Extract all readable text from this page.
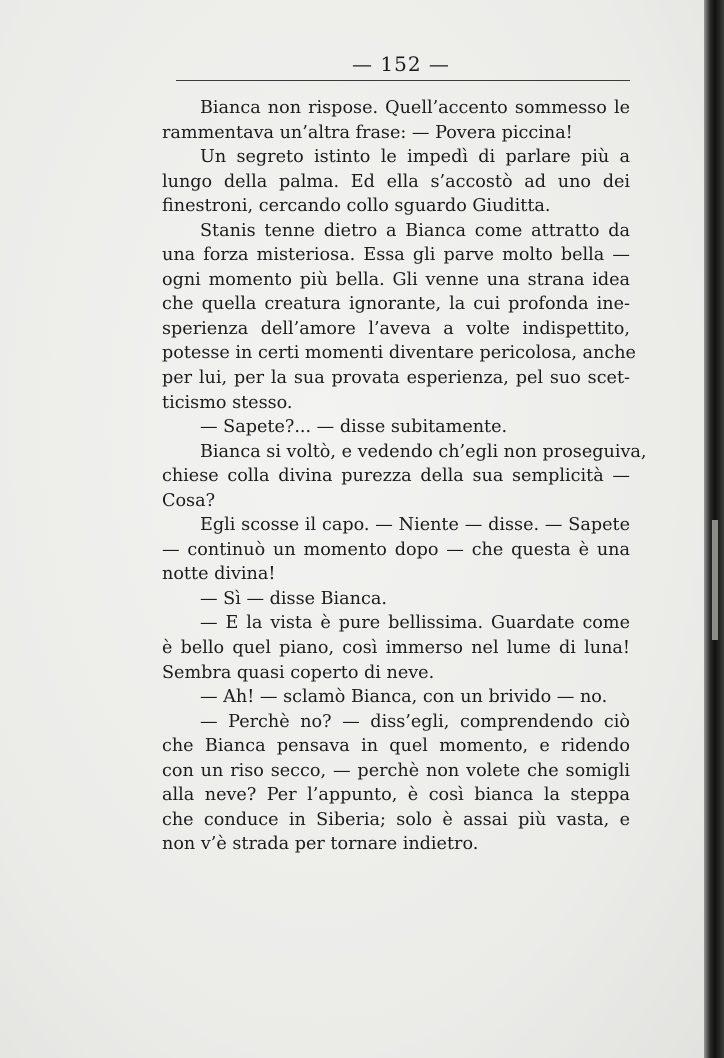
— 152 —
Bianca non rispose. Quell’accento sommesso le
rammentava un’altra frase: — Povera piccina!
Un segreto istinto le impedì di parlare più a
lungo della palma. Ed ella s’accostò ad uno dei
finestroni, cercando collo sguardo Giuditta.
Stanis tenne dietro a Bianca come attratto da
una forza misteriosa. Essa gli parve molto bella —
ogni momento più bella. Gli venne una strana idea
che quella creatura ignorante, la cui profonda ine-
sperienza dell’amore l’aveva a volte indispettito,
potesse in certi momenti diventare pericolosa, anche
per lui, per la sua provata esperienza, pel suo scet-
ticismo stesso.
— Sapete?... — disse subitamente.
Bianca si voltò, e vedendo ch’egli non proseguiva,
chiese colla divina purezza della sua semplicità —
Cosa?
Egli scosse il capo. — Niente — disse. — Sapete
— continuò un momento dopo — che questa è una
notte divina!
— Sì — disse Bianca.
— E la vista è pure bellissima. Guardate come
è bello quel piano, così immerso nel lume di luna!
Sembra quasi coperto di neve.
— Ah! — sclamò Bianca, con un brivido — no.
— Perchè no? — diss’egli, comprendendo ciò
che Bianca pensava in quel momento, e ridendo
con un riso secco, — perchè non volete che somigli
alla neve? Per l’appunto, è così bianca la steppa
che conduce in Siberia; solo è assai più vasta, e
non v’è strada per tornare indietro.
